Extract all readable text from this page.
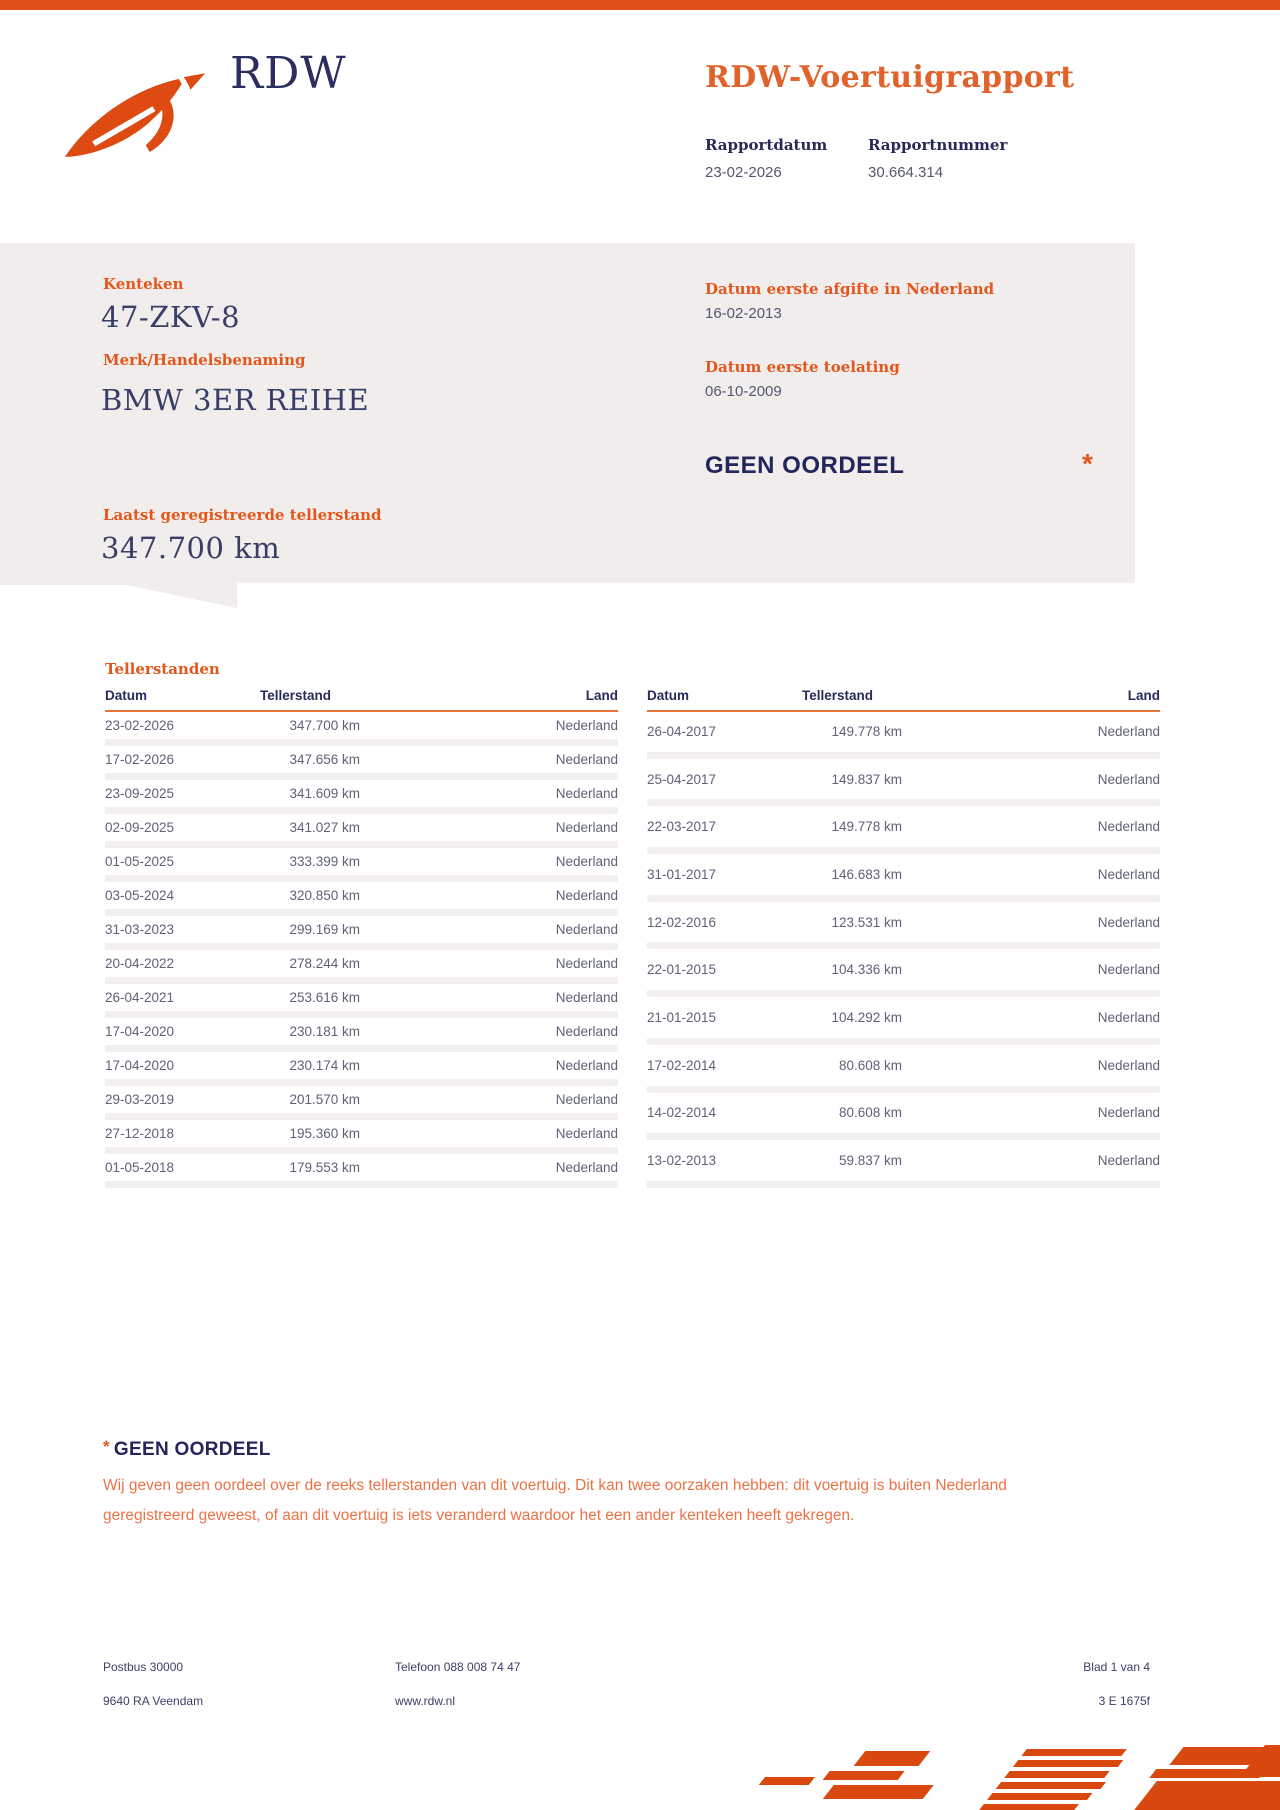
RDW	RDW-Voertuigrapport
Rapportdatum	Rapportnummer
23-02-2026	30.664.314
Kenteken
47-ZKV-8
Merk/Handelsbenaming
BMW 3ER REIHE
Laatst geregistreerde tellerstand
347.700 km
Datum eerste afgifte in Nederland
16-02-2013
Datum eerste toelating
06-10-2009
GEEN OORDEEL	*
Tellerstanden
Datum	Tellerstand	Land
23-02-2026	347.700 km	Nederland
17-02-2026	347.656 km	Nederland
23-09-2025	341.609 km	Nederland
02-09-2025	341.027 km	Nederland
01-05-2025	333.399 km	Nederland
03-05-2024	320.850 km	Nederland
31-03-2023	299.169 km	Nederland
20-04-2022	278.244 km	Nederland
26-04-2021	253.616 km	Nederland
17-04-2020	230.181 km	Nederland
17-04-2020	230.174 km	Nederland
29-03-2019	201.570 km	Nederland
27-12-2018	195.360 km	Nederland
01-05-2018	179.553 km	Nederland
Datum	Tellerstand	Land
26-04-2017	149.778 km	Nederland
25-04-2017	149.837 km	Nederland
22-03-2017	149.778 km	Nederland
31-01-2017	146.683 km	Nederland
12-02-2016	123.531 km	Nederland
22-01-2015	104.336 km	Nederland
21-01-2015	104.292 km	Nederland
17-02-2014	80.608 km	Nederland
14-02-2014	80.608 km	Nederland
13-02-2013	59.837 km	Nederland
* GEEN OORDEEL

Wij geven geen oordeel over de reeks tellerstanden van dit voertuig. Dit kan twee oorzaken hebben: dit voertuig is buiten Nederland geregistreerd geweest, of aan dit voertuig is iets veranderd waardoor het een ander kenteken heeft gekregen.

Postbus 30000
9640 RA Veendam
Telefoon 088 008 74 47
www.rdw.nl
Blad 1 van 4
3 E 1675f
